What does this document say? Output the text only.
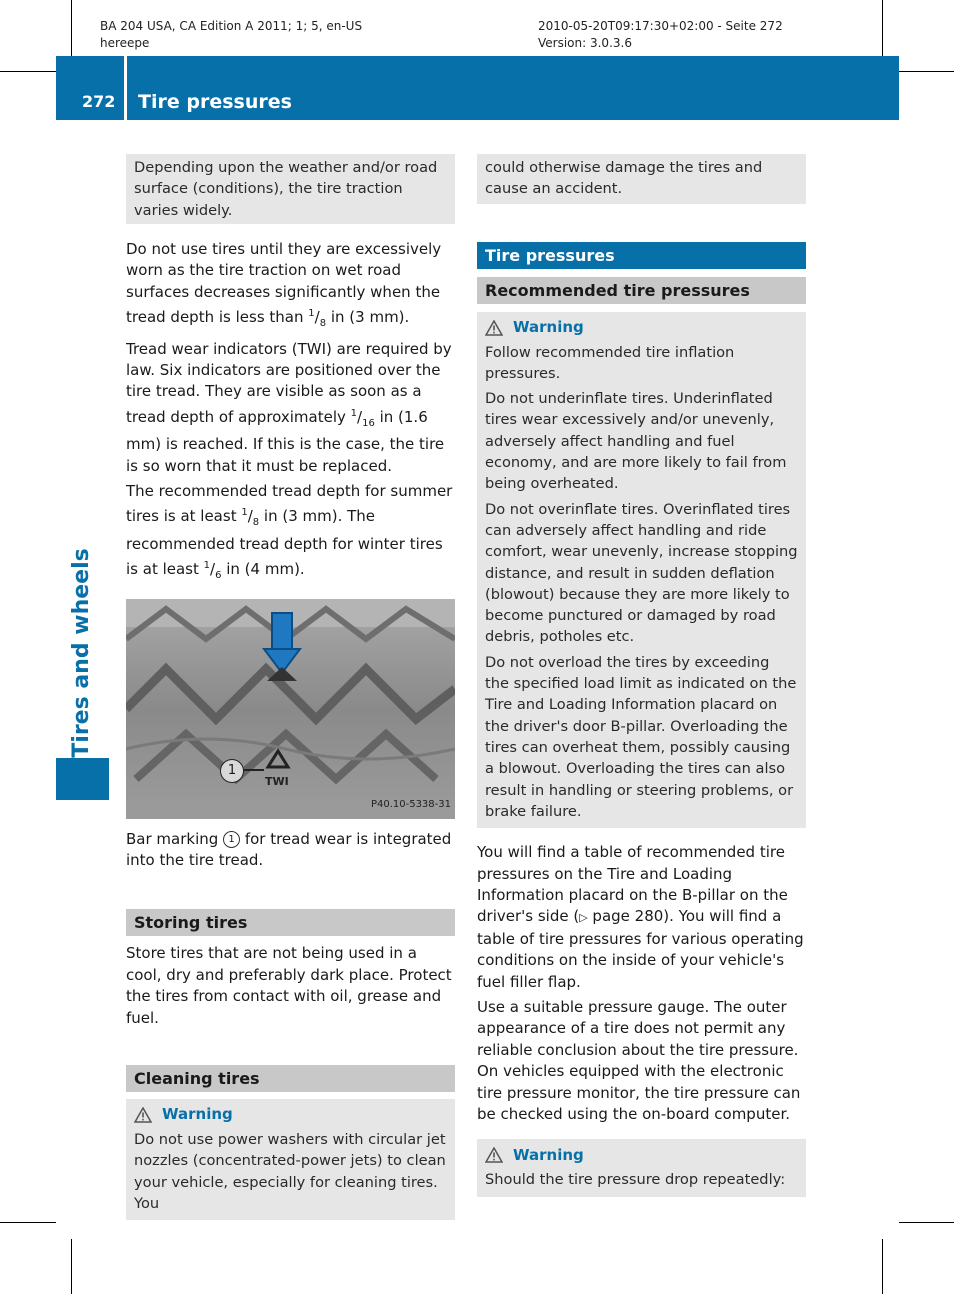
BA 204 USA, CA Edition A 2011; 1; 5, en-US
hereepe
2010-05-20T09:17:30+02:00 - Seite 272
Version: 3.0.3.6
272 Tire pressures
Tires and wheels

Depending upon the weather and/or road surface (conditions), the tire traction varies widely.

Do not use tires until they are excessively worn as the tire traction on wet road surfaces decreases significantly when the tread depth is less than $^1/_8$ in (3 mm).

Tread wear indicators (TWI) are required by law. Six indicators are positioned over the tire tread. They are visible as soon as a tread depth of approximately $^1/_{16}$ in (1.6 mm) is reached. If this is the case, the tire is so worn that it must be replaced.

The recommended tread depth for summer tires is at least $^1/_8$ in (3 mm). The recommended tread depth for winter tires is at least $^1/_6$ in (4 mm).

1
TWI
P40.10-5338-31

Bar marking 1 for tread wear is integrated into the tire tread.

Storing tires

Store tires that are not being used in a cool, dry and preferably dark place. Protect the tires from contact with oil, grease and fuel.

Cleaning tires
Warning

Do not use power washers with circular jet nozzles (concentrated-power jets) to clean your vehicle, especially for cleaning tires. You

could otherwise damage the tires and cause an accident.

Tire pressures
Recommended tire pressures
Warning

Follow recommended tire inflation pressures.

Do not underinflate tires. Underinflated tires wear excessively and/or unevenly, adversely affect handling and fuel economy, and are more likely to fail from being overheated.

Do not overinflate tires. Overinflated tires can adversely affect handling and ride comfort, wear unevenly, increase stopping distance, and result in sudden deflation (blowout) because they are more likely to become punctured or damaged by road debris, potholes etc.

Do not overload the tires by exceeding the specified load limit as indicated on the Tire and Loading Information placard on the driver's door B-pillar. Overloading the tires can overheat them, possibly causing a blowout. Overloading the tires can also result in handling or steering problems, or brake failure.

You will find a table of recommended tire pressures on the Tire and Loading Information placard on the B-pillar on the driver's side (▷ page 280). You will find a table of tire pressures for various operating conditions on the inside of your vehicle's fuel filler flap.

Use a suitable pressure gauge. The outer appearance of a tire does not permit any reliable conclusion about the tire pressure. On vehicles equipped with the electronic tire pressure monitor, the tire pressure can be checked using the on-board computer.

Warning

Should the tire pressure drop repeatedly:
